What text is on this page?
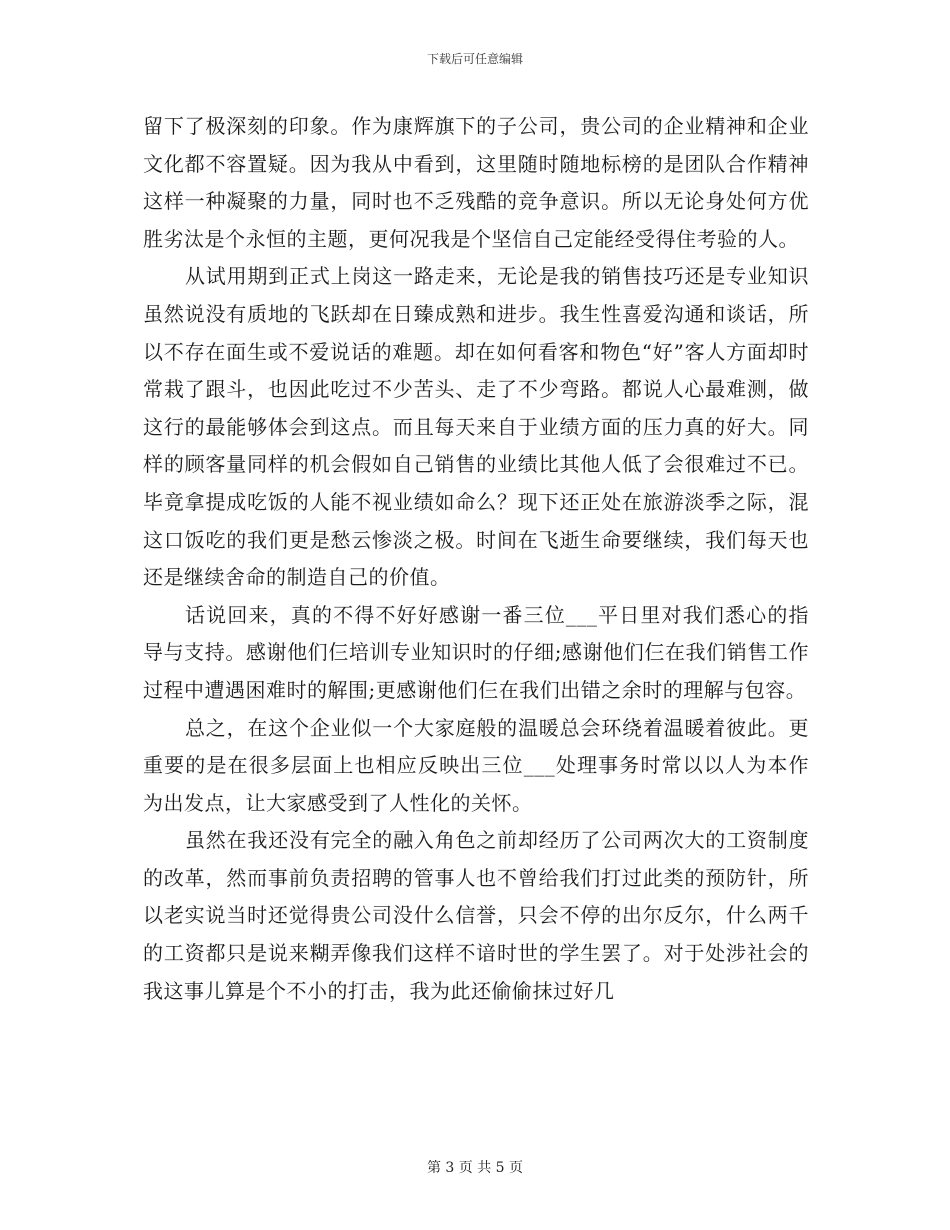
下载后可任意编辑

留下了极深刻的印象。作为康辉旗下的子公司，贵公司的企业精神和企业文化都不容置疑。因为我从中看到，这里随时随地标榜的是团队合作精神这样一种凝聚的力量，同时也不乏残酷的竞争意识。所以无论身处何方优胜劣汰是个永恒的主题，更何况我是个坚信自己定能经受得住考验的人。

从试用期到正式上岗这一路走来，无论是我的销售技巧还是专业知识虽然说没有质地的飞跃却在日臻成熟和进步。我生性喜爱沟通和谈话，所以不存在面生或不爱说话的难题。却在如何看客和物色“好”客人方面却时常栽了跟斗，也因此吃过不少苦头、走了不少弯路。都说人心最难测，做这行的最能够体会到这点。而且每天来自于业绩方面的压力真的好大。同样的顾客量同样的机会假如自己销售的业绩比其他人低了会很难过不已。毕竟拿提成吃饭的人能不视业绩如命么？现下还正处在旅游淡季之际，混这口饭吃的我们更是愁云惨淡之极。时间在飞逝生命要继续，我们每天也还是继续舍命的制造自己的价值。

话说回来，真的不得不好好感谢一番三位___平日里对我们悉心的指导与支持。感谢他们仨培训专业知识时的仔细;感谢他们仨在我们销售工作过程中遭遇困难时的解围;更感谢他们仨在我们出错之余时的理解与包容。

总之，在这个企业似一个大家庭般的温暖总会环绕着温暖着彼此。更重要的是在很多层面上也相应反映出三位___处理事务时常以以人为本作为出发点，让大家感受到了人性化的关怀。

虽然在我还没有完全的融入角色之前却经历了公司两次大的工资制度的改革，然而事前负责招聘的管事人也不曾给我们打过此类的预防针，所以老实说当时还觉得贵公司没什么信誉，只会不停的出尔反尔，什么两千的工资都只是说来糊弄像我们这样不谙时世的学生罢了。对于处涉社会的我这事儿算是个不小的打击，我为此还偷偷抹过好几

第 3 页 共 5 页
